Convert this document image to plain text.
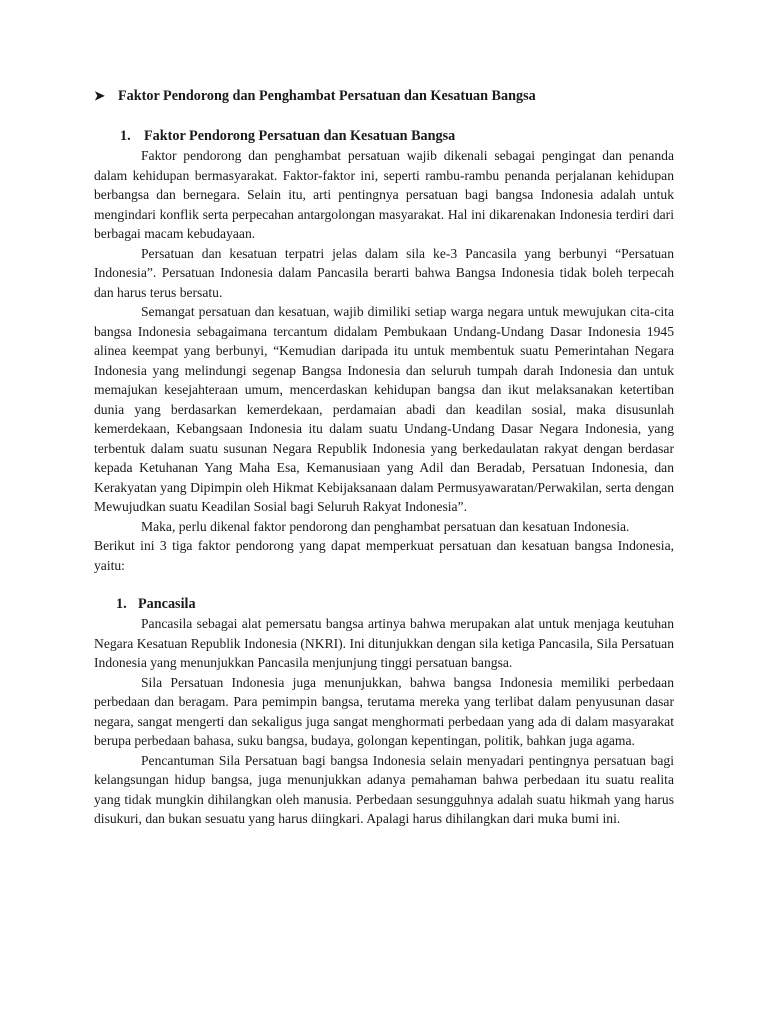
➤ Faktor Pendorong dan Penghambat Persatuan dan Kesatuan Bangsa
1. Faktor Pendorong Persatuan dan Kesatuan Bangsa

Faktor pendorong dan penghambat persatuan wajib dikenali sebagai pengingat dan penanda dalam kehidupan bermasyarakat. Faktor-faktor ini, seperti rambu-rambu penanda perjalanan kehidupan berbangsa dan bernegara. Selain itu, arti pentingnya persatuan bagi bangsa Indonesia adalah untuk mengindari konflik serta perpecahan antargolongan masyarakat. Hal ini dikarenakan Indonesia terdiri dari berbagai macam kebudayaan.

Persatuan dan kesatuan terpatri jelas dalam sila ke-3 Pancasila yang berbunyi “Persatuan Indonesia”. Persatuan Indonesia dalam Pancasila berarti bahwa Bangsa Indonesia tidak boleh terpecah dan harus terus bersatu.

Semangat persatuan dan kesatuan, wajib dimiliki setiap warga negara untuk mewujukan cita-cita bangsa Indonesia sebagaimana tercantum didalam Pembukaan Undang-Undang Dasar Indonesia 1945 alinea keempat yang berbunyi, “Kemudian daripada itu untuk membentuk suatu Pemerintahan Negara Indonesia yang melindungi segenap Bangsa Indonesia dan seluruh tumpah darah Indonesia dan untuk memajukan kesejahteraan umum, mencerdaskan kehidupan bangsa dan ikut melaksanakan ketertiban dunia yang berdasarkan kemerdekaan, perdamaian abadi dan keadilan sosial, maka disusunlah kemerdekaan, Kebangsaan Indonesia itu dalam suatu Undang-Undang Dasar Negara Indonesia, yang terbentuk dalam suatu susunan Negara Republik Indonesia yang berkedaulatan rakyat dengan berdasar kepada Ketuhanan Yang Maha Esa, Kemanusiaan yang Adil dan Beradab, Persatuan Indonesia, dan Kerakyatan yang Dipimpin oleh Hikmat Kebijaksanaan dalam Permusyawaratan/Perwakilan, serta dengan Mewujudkan suatu Keadilan Sosial bagi Seluruh Rakyat Indonesia”.

Maka, perlu dikenal faktor pendorong dan penghambat persatuan dan kesatuan Indonesia.

Berikut ini 3 tiga faktor pendorong yang dapat memperkuat persatuan dan kesatuan bangsa Indonesia, yaitu:

1. Pancasila

Pancasila sebagai alat pemersatu bangsa artinya bahwa merupakan alat untuk menjaga keutuhan Negara Kesatuan Republik Indonesia (NKRI). Ini ditunjukkan dengan sila ketiga Pancasila, Sila Persatuan Indonesia yang menunjukkan Pancasila menjunjung tinggi persatuan bangsa.

Sila Persatuan Indonesia juga menunjukkan, bahwa bangsa Indonesia memiliki perbedaan perbedaan dan beragam. Para pemimpin bangsa, terutama mereka yang terlibat dalam penyusunan dasar negara, sangat mengerti dan sekaligus juga sangat menghormati perbedaan yang ada di dalam masyarakat berupa perbedaan bahasa, suku bangsa, budaya, golongan kepentingan, politik, bahkan juga agama.

Pencantuman Sila Persatuan bagi bangsa Indonesia selain menyadari pentingnya persatuan bagi kelangsungan hidup bangsa, juga menunjukkan adanya pemahaman bahwa perbedaan itu suatu realita yang tidak mungkin dihilangkan oleh manusia. Perbedaan sesungguhnya adalah suatu hikmah yang harus disukuri, dan bukan sesuatu yang harus diingkari. Apalagi harus dihilangkan dari muka bumi ini.
